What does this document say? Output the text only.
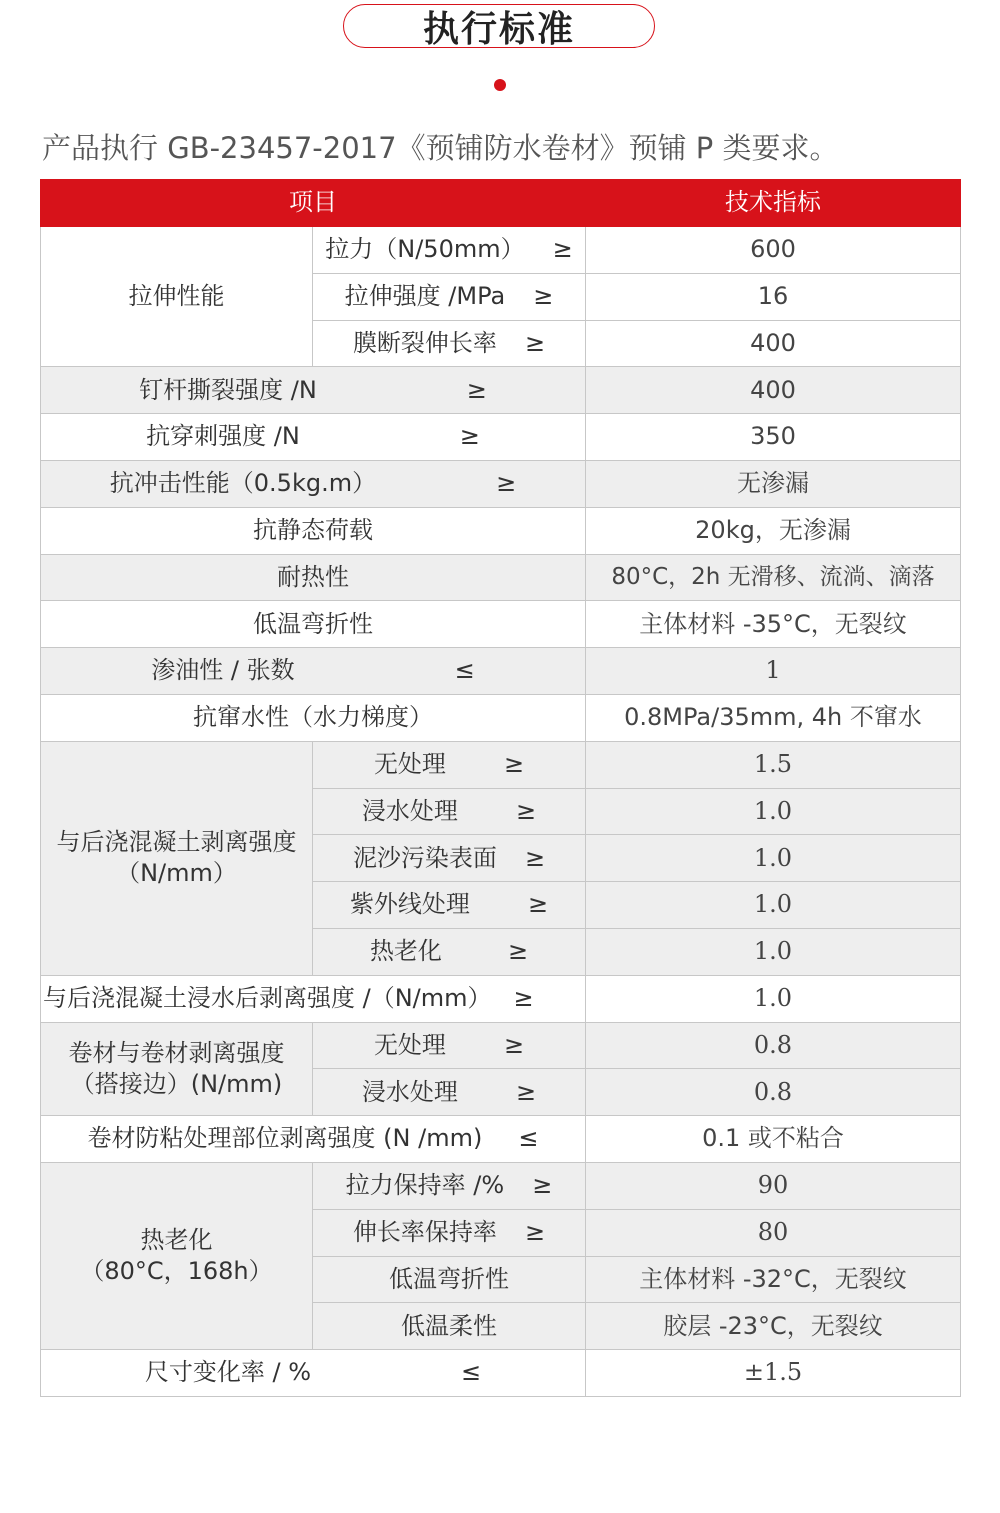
执行标准
产品执行 GB-23457-2017《预铺防水卷材》预铺 P 类要求。
项目		技术指标
拉伸性能	拉力（N/50mm） ≥	600
	拉伸强度 /MPa ≥	16
	膜断裂伸长率 ≥	400
钉杆撕裂强度 /N ≥		400
抗穿刺强度 /N ≥		350
抗冲击性能（0.5kg.m） ≥		无渗漏
抗静态荷载		20kg，无渗漏
耐热性		80°C，2h 无滑移、流淌、滴落
低温弯折性		主体材料 -35°C，无裂纹
渗油性 / 张数 ≤		1
抗窜水性（水力梯度）		0.8MPa/35mm, 4h 不窜水
与后浇混凝土剥离强度
（N/mm）	无处理 ≥	1.5
	浸水处理 ≥	1.0
	泥沙污染表面 ≥	1.0
	紫外线处理 ≥	1.0
	热老化 ≥	1.0
与后浇混凝土浸水后剥离强度 /（N/mm） ≥		1.0
卷材与卷材剥离强度
（搭接边）(N/mm)	无处理 ≥	0.8
	浸水处理 ≥	0.8
卷材防粘处理部位剥离强度 (N /mm) ≤		0.1 或不粘合
热老化
（80°C，168h）	拉力保持率 /% ≥	90
	伸长率保持率 ≥	80
	低温弯折性	主体材料 -32°C，无裂纹
	低温柔性	胶层 -23°C，无裂纹
尺寸变化率 / % ≤		±1.5
